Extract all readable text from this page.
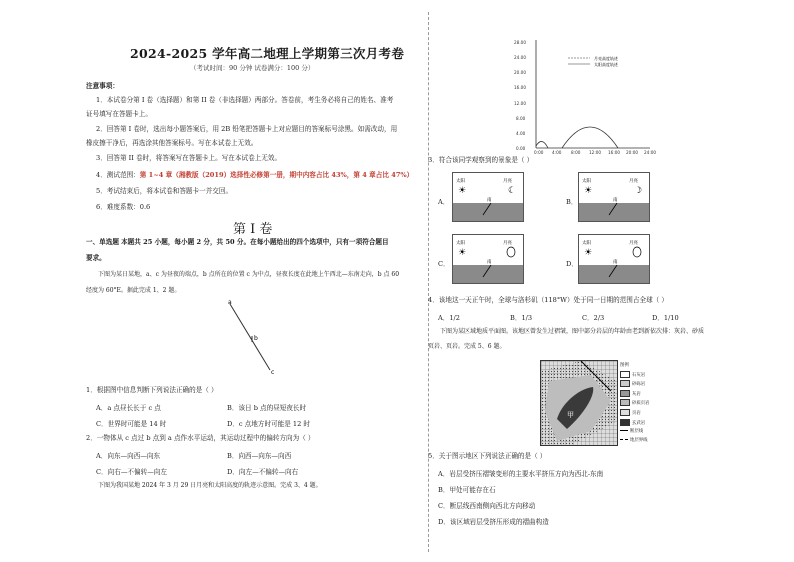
2024-2025 学年高二地理上学期第三次月考卷
（考试时间：90 分钟 试卷满分：100 分）
注意事项：
1．本试卷分第 I 卷（选择题）和第 II 卷（非选择题）两部分。答卷前，考生务必将自己的姓名、准考
证号填写在答题卡上。
2．回答第 I 卷时，选出每小题答案后，用 2B 铅笔把答题卡上对应题目的答案标号涂黑。如需改动，用
橡皮擦干净后，再选涂其他答案标号。写在本试卷上无效。
3．回答第 II 卷时，将答案写在答题卡上。写在本试卷上无效。
4．测试范围：第 1~4 章（湘教版（2019）选择性必修第一册，期中内容占比 43%，第 4 章占比 47%）
5．考试结束后，将本试卷和答题卡一并交回。
6．难度系数：0.6
第 I 卷
一、单选题 本题共 25 小题，每小题 2 分，共 50 分。在每小题给出的四个选项中，只有一项符合题目
要求。
下图为某日某地，a、c 为昼夜的端点，b 点所在的位置 c 为中点，昼夜长度在此地上午西北—东南走向，b 点 60
经度为 60°E。据此完成 1、2 题。
a
b
c
1．根据图中信息判断下列说法正确的是（ ）
A．a 点昼长长于 c 点	B．该日 b 点的昼短夜长时
C．世界时可能是 14 时	D．c 点地方时可能是 12 时
2．一物体从 c 点过 b 点到 a 点作水平运动，其运动过程中的偏转方向为（ ）
A．向东—向西—向东	B．向西—向东—向西
C．向右—不偏转—向左	D．向左—不偏转—向右
下图为我国某地 2024 年 3 月 29 日月亮和太阳高度的轨迹示意图。完成 3、4 题。
28.00
24.00
20.00
16.00
12.00
8.00
4.00
0.00
0:00 4:00 8:00 12:00 16:00 20:00 24:00
月亮高度轨迹
太阳高度轨迹
3．符合该同学观察到的景象是（ ）
A．
太阳
☀
月亮
☾
南	B．
太阳
☀
月亮
☽
南
C．
太阳
☀
月亮
南	D．
太阳
☀
月亮
南
4．该地这一天正午时，全球与洛杉矶（118°W）处于同一日期的范围占全球（ ）
A．1/2	B．1/3	C．2/3	D．1/10
下图为某区域地质平面图。该地区曾发生过褶皱，图中部分岩层的年龄由老到新依次排：灰岩、砂质
页岩、页岩。完成 5、6 题。
甲
图例
石灰岩
砂砾岩
灰岩
砂质页岩
页岩
玄武岩
断层线
地层界线
5．关于图示地区下列说法正确的是（ ）
A．岩层受挤压褶皱变形的主要水平挤压方向为西北-东南
B．甲处可能存在石
C．断层线西南侧向西北方向移动
D．该区域岩层受挤压形成的褶曲构造
